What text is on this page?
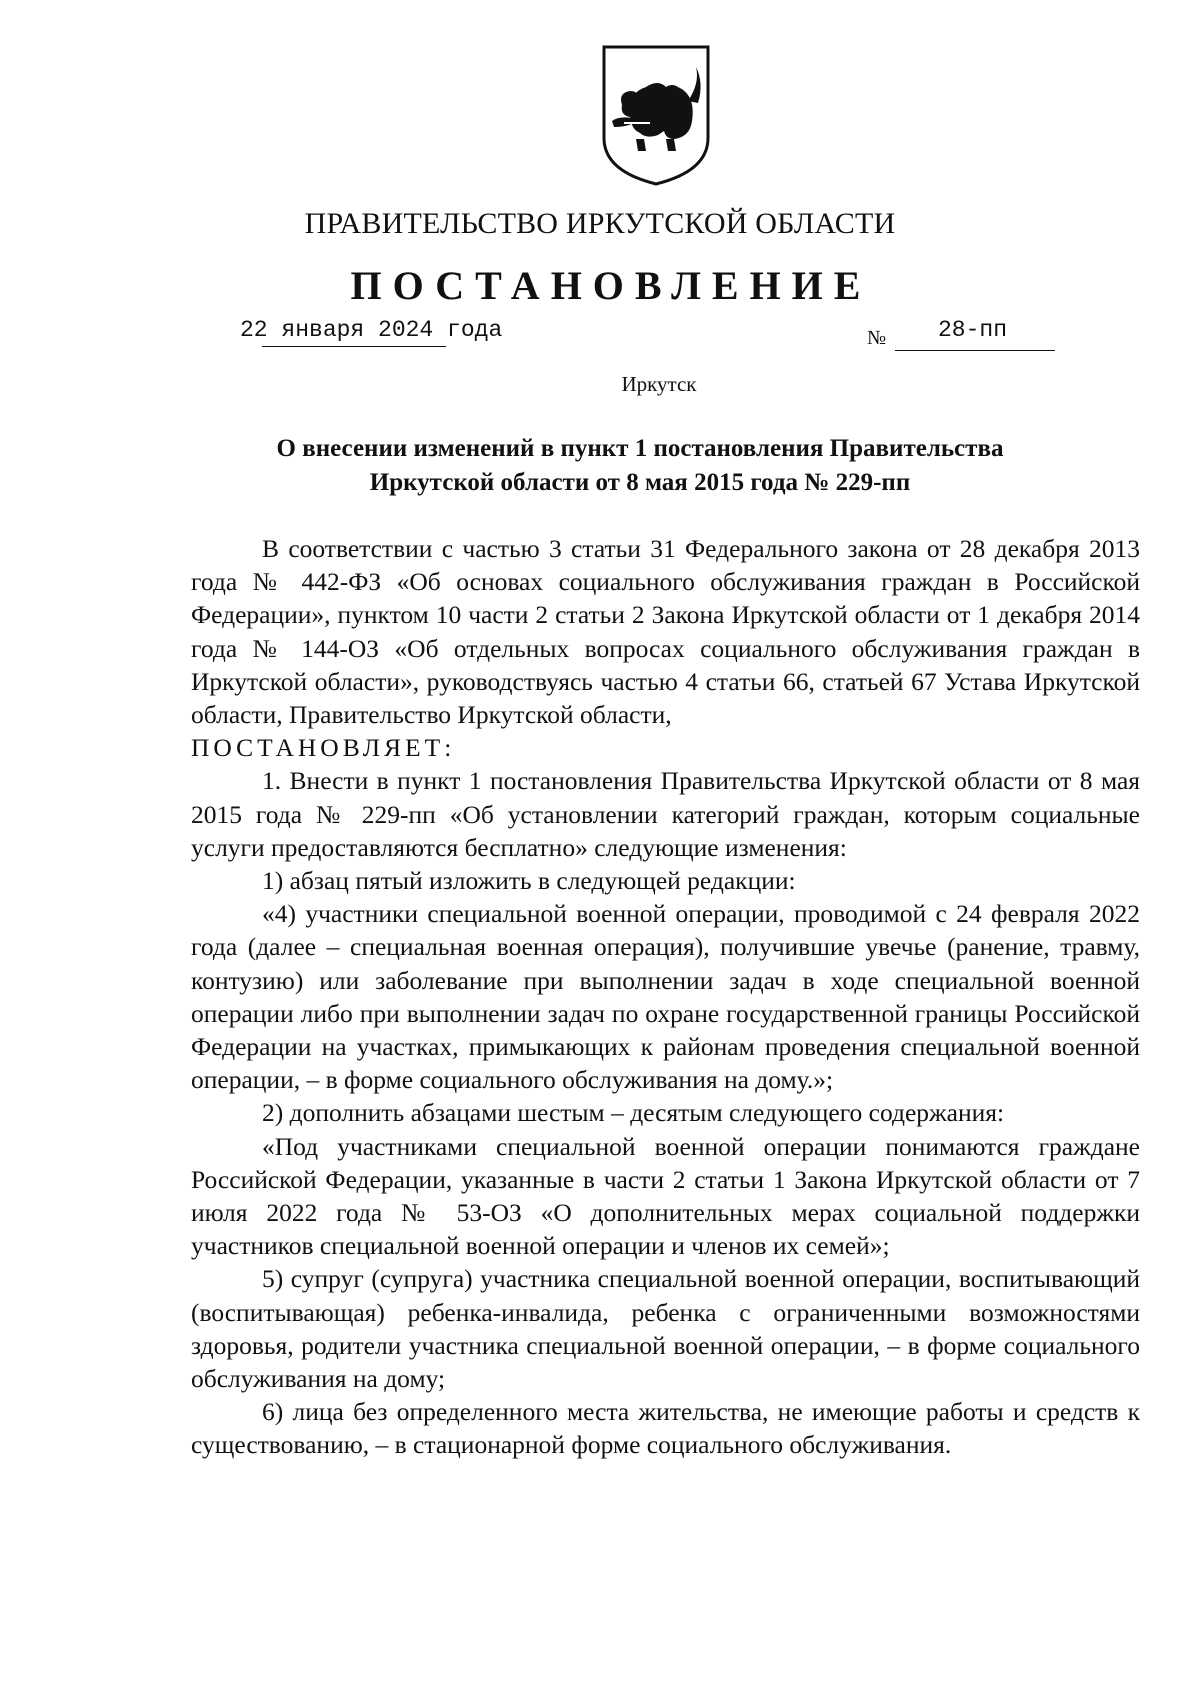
ПРАВИТЕЛЬСТВО ИРКУТСКОЙ ОБЛАСТИ
ПОСТАНОВЛЕНИЕ
22 января 2024 года	№ 28-пп
Иркутск
О внесении изменений в пункт 1 постановления Правительства
Иркутской области от 8 мая 2015 года № 229-пп

В соответствии с частью 3 статьи 31 Федерального закона от 28 декабря 2013 года № 442-ФЗ «Об основах социального обслуживания граждан в Российской Федерации», пунктом 10 части 2 статьи 2 Закона Иркутской области от 1 декабря 2014 года № 144-ОЗ «Об отдельных вопросах социального обслуживания граждан в Иркутской области», руководствуясь частью 4 статьи 66, статьей 67 Устава Иркутской области, Правительство Иркутской области,

ПОСТАНОВЛЯЕТ:

1. Внести в пункт 1 постановления Правительства Иркутской области от 8 мая 2015 года № 229-пп «Об установлении категорий граждан, которым социальные услуги предоставляются бесплатно» следующие изменения:

1) абзац пятый изложить в следующей редакции:

«4) участники специальной военной операции, проводимой с 24 февраля 2022 года (далее – специальная военная операция), получившие увечье (ранение, травму, контузию) или заболевание при выполнении задач в ходе специальной военной операции либо при выполнении задач по охране государственной границы Российской Федерации на участках, примыкающих к районам проведения специальной военной операции, – в форме социального обслуживания на дому.»;

2) дополнить абзацами шестым – десятым следующего содержания:

«Под участниками специальной военной операции понимаются граждане Российской Федерации, указанные в части 2 статьи 1 Закона Иркутской области от 7 июля 2022 года № 53-ОЗ «О дополнительных мерах социальной поддержки участников специальной военной операции и членов их семей»;

5) супруг (супруга) участника специальной военной операции, воспитывающий (воспитывающая) ребенка-инвалида, ребенка с ограниченными возможностями здоровья, родители участника специальной военной операции, – в форме социального обслуживания на дому;

6) лица без определенного места жительства, не имеющие работы и средств к существованию, – в стационарной форме социального обслуживания.
